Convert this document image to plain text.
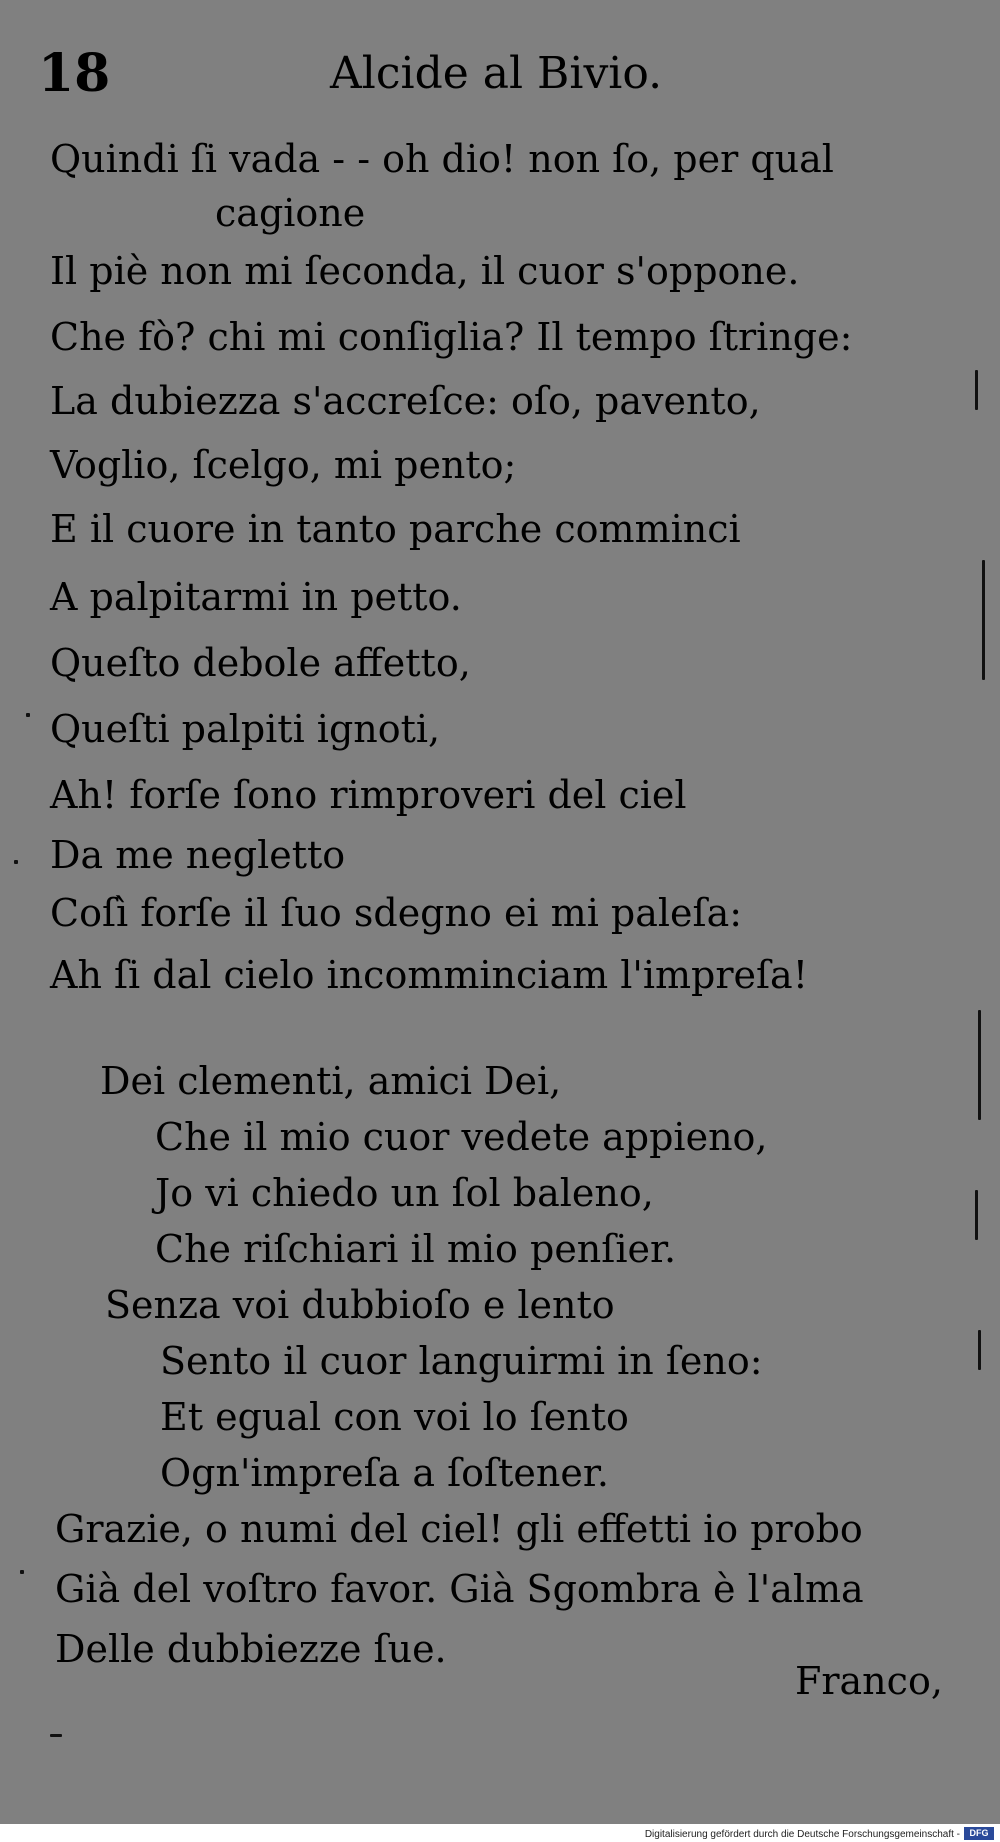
18	Alcide al Bivio.
Quindi ſi vada - - oh dio! non ſo, per qual
cagione
Il piè non mi ſeconda, il cuor s'oppone.
Che fò? chi mi conſiglia? Il tempo ſtringe:
La dubiezza s'accreſce: oſo, pavento,
Voglio, ſcelgo, mi pento;
E il cuore in tanto parche comminci
A palpitarmi in petto.
Queſto debole affetto,
Queſti palpiti ignoti,
Ah! forſe ſono rimproveri del ciel
Da me negletto
Coſì forſe il ſuo sdegno ei mi paleſa:
Ah ſi dal cielo incomminciam l'impreſa!
Dei clementi, amici Dei,
Che il mio cuor vedete appieno,
Jo vi chiedo un ſol baleno,
Che riſchiari il mio penſier.
Senza voi dubbioſo e lento
Sento il cuor languirmi in ſeno:
Et egual con voi lo ſento
Ogn'impreſa a ſoſtener.
Grazie, o numi del ciel! gli effetti io probo
Già del voſtro favor. Già Sgombra è l'alma
Delle dubbiezze ſue.
Franco,
Digitalisierung gefördert durch die Deutsche Forschungsgemeinschaft -	DFG
